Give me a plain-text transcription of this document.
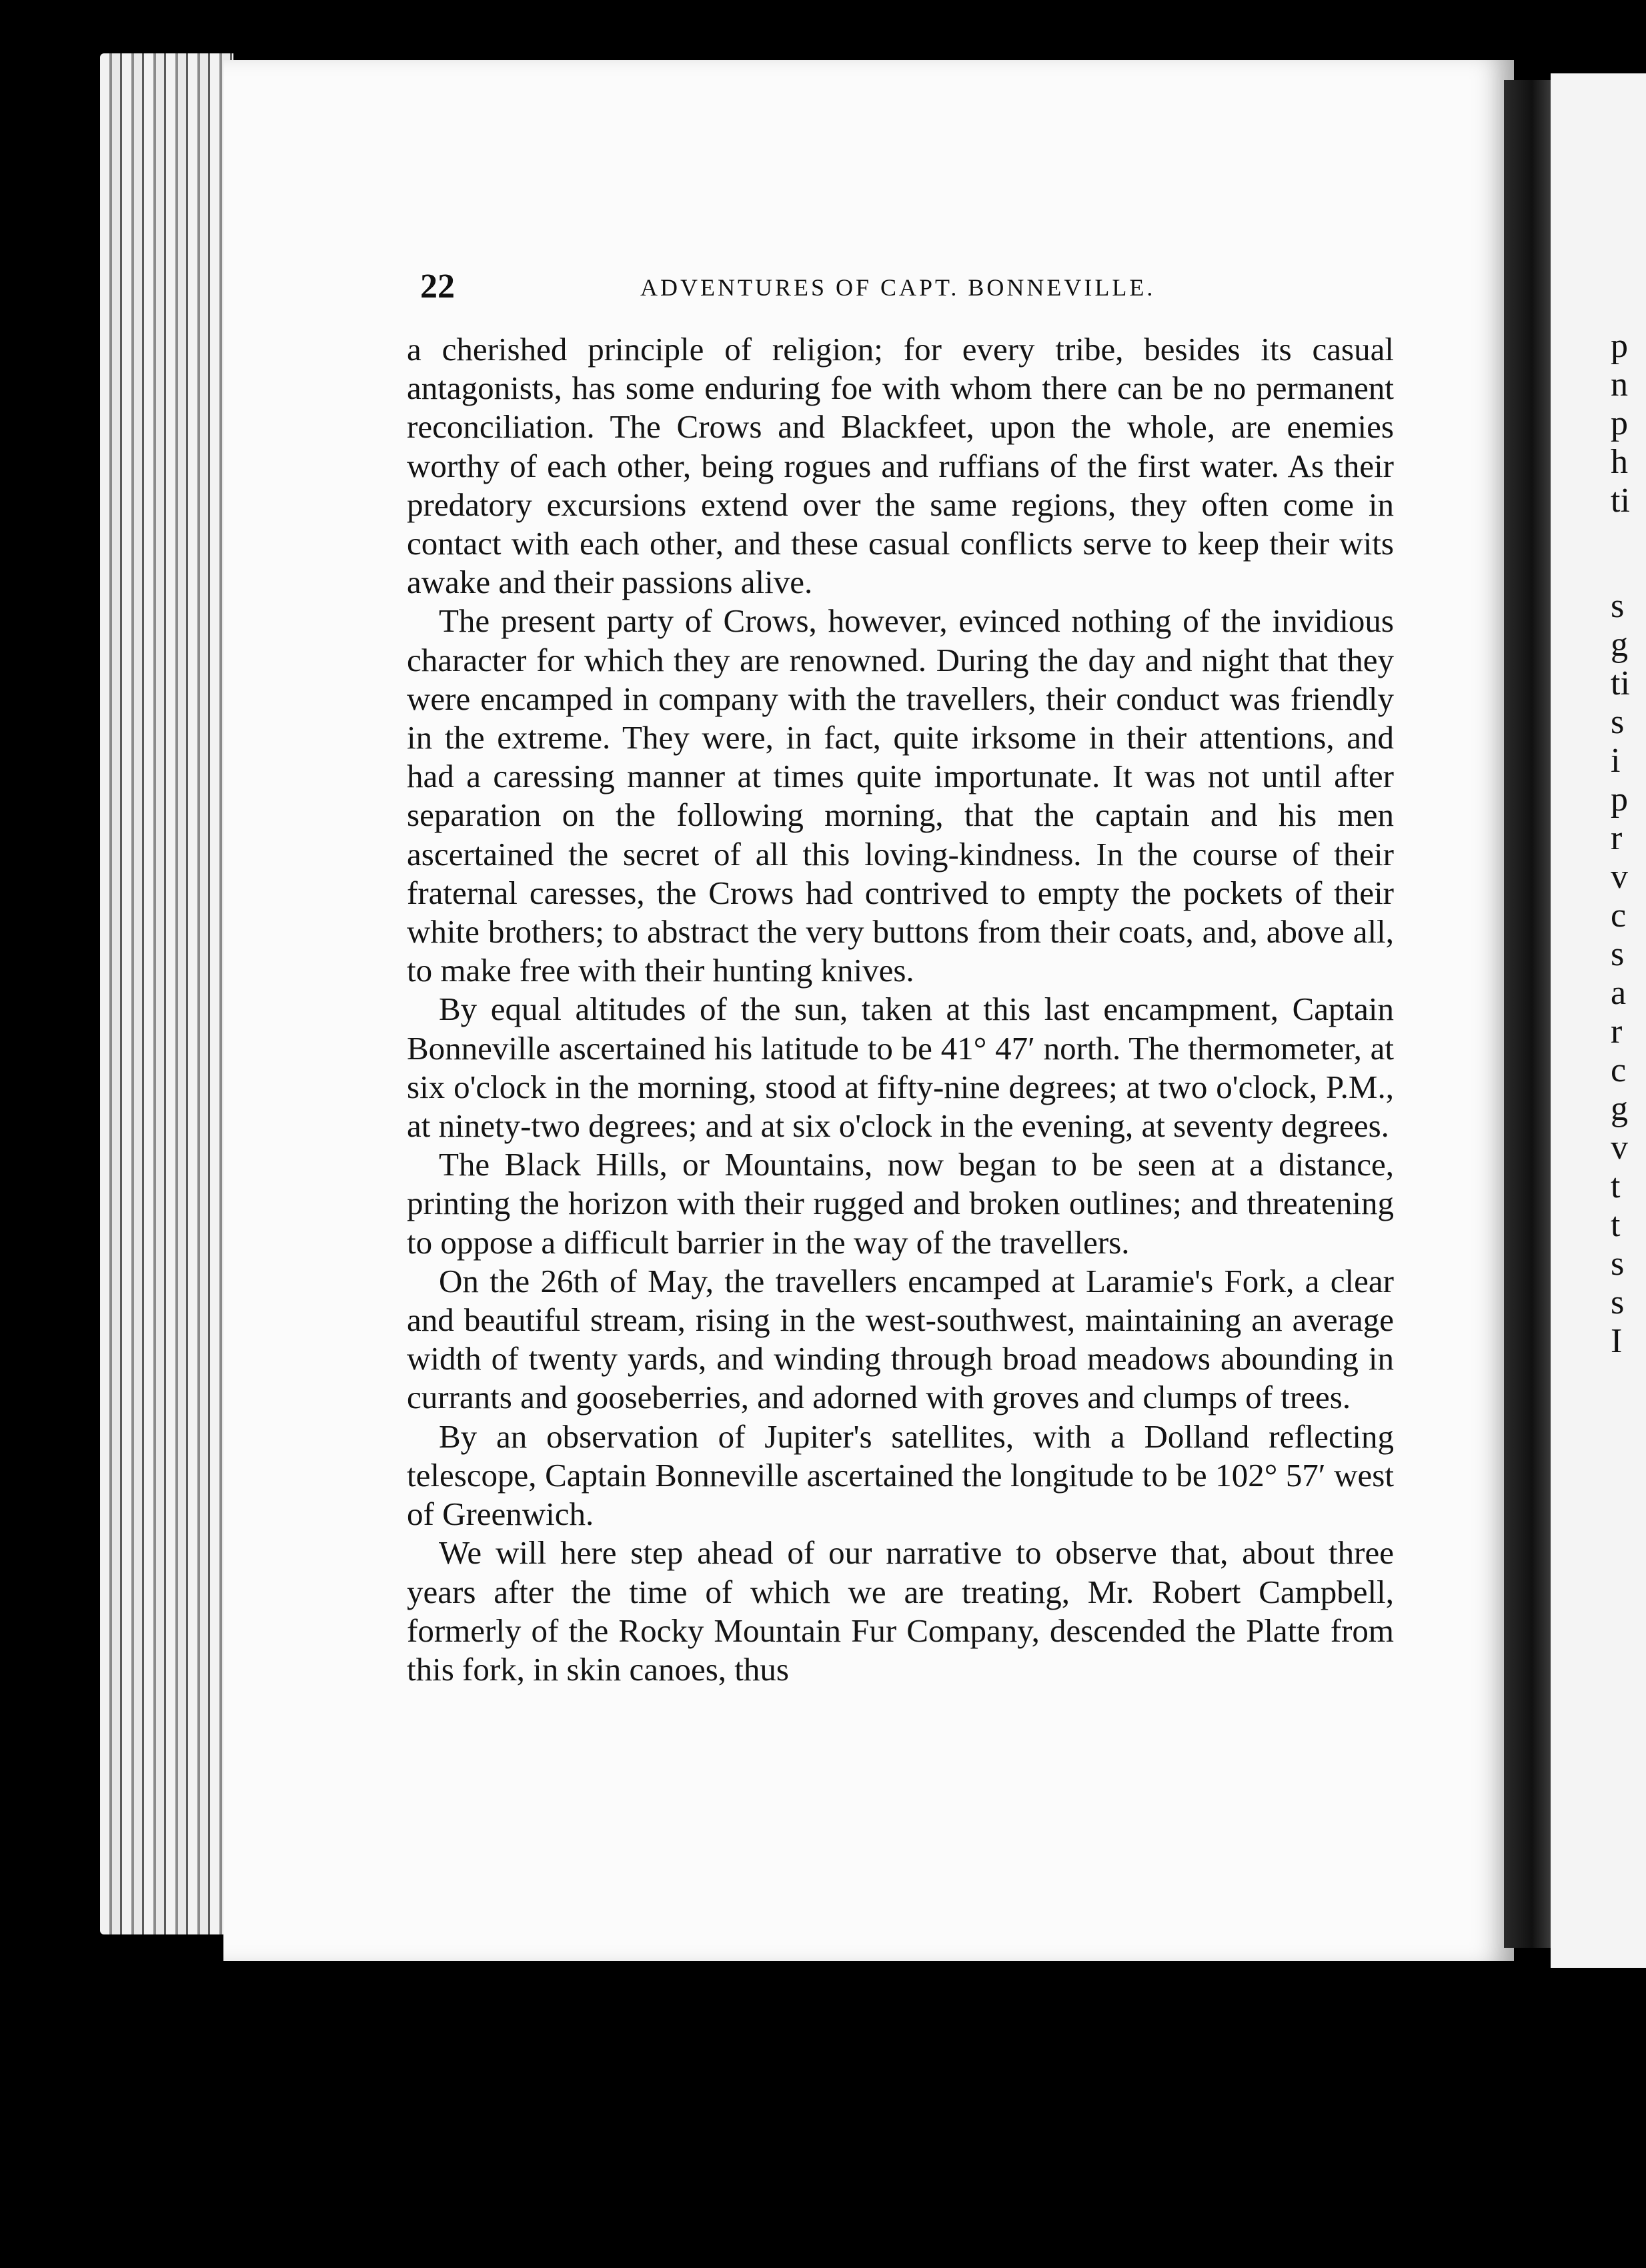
p
n
p
h
ti
s
g
ti
s
i
p
r
v
c
s
a
r
c
g
v
t
t
s
s
I
22	ADVENTURES OF CAPT. BONNEVILLE.

a cherished principle of religion; for every tribe, besides its casual antagonists, has some enduring foe with whom there can be no permanent reconciliation. The Crows and Blackfeet, upon the whole, are enemies worthy of each other, being rogues and ruffians of the first water. As their predatory excursions extend over the same regions, they often come in contact with each other, and these casual conflicts serve to keep their wits awake and their passions alive.

The present party of Crows, however, evinced nothing of the invidious character for which they are renowned. During the day and night that they were encamped in company with the travellers, their conduct was friendly in the extreme. They were, in fact, quite irksome in their attentions, and had a caressing manner at times quite importunate. It was not until after separation on the following morning, that the captain and his men ascertained the secret of all this loving-kindness. In the course of their fraternal caresses, the Crows had contrived to empty the pockets of their white brothers; to abstract the very buttons from their coats, and, above all, to make free with their hunting knives.

By equal altitudes of the sun, taken at this last encampment, Captain Bonneville ascertained his latitude to be 41° 47′ north. The thermometer, at six o'clock in the morning, stood at fifty-nine degrees; at two o'clock, P.M., at ninety-two degrees; and at six o'clock in the evening, at seventy degrees.

The Black Hills, or Mountains, now began to be seen at a distance, printing the horizon with their rugged and broken outlines; and threatening to oppose a difficult barrier in the way of the travellers.

On the 26th of May, the travellers encamped at Laramie's Fork, a clear and beautiful stream, rising in the west-southwest, maintaining an average width of twenty yards, and winding through broad meadows abounding in currants and gooseberries, and adorned with groves and clumps of trees.

By an observation of Jupiter's satellites, with a Dolland reflecting telescope, Captain Bonneville ascertained the longitude to be 102° 57′ west of Greenwich.

We will here step ahead of our narrative to observe that, about three years after the time of which we are treating, Mr. Robert Campbell, formerly of the Rocky Mountain Fur Company, descended the Platte from this fork, in skin canoes, thus
